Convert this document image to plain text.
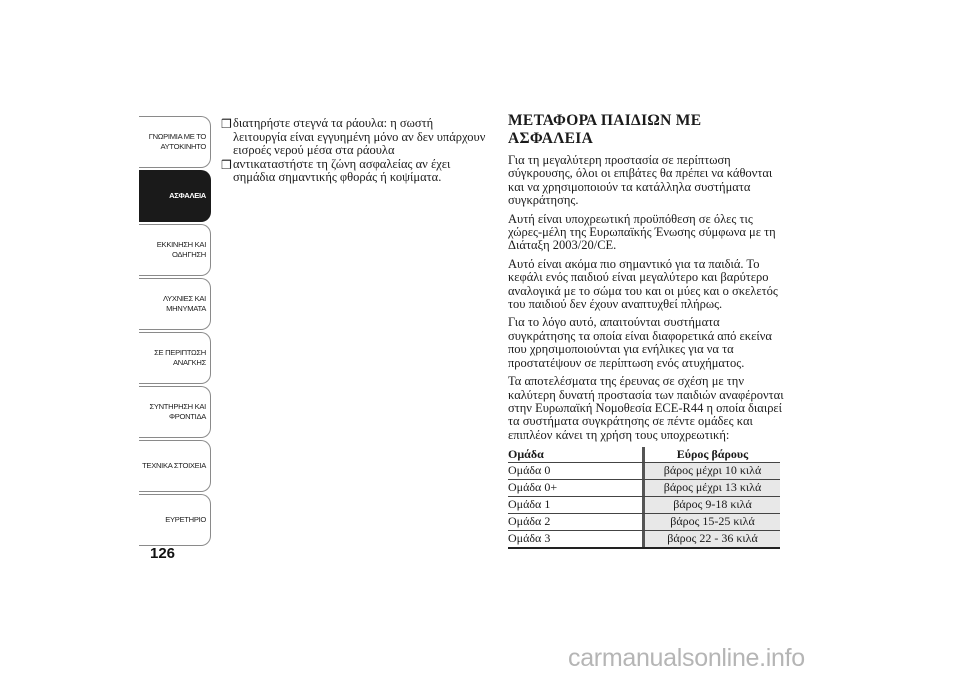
ΓΝΩΡΙΜΙΑ ΜΕ ΤΟ
ΑΥΤΟΚΙΝΗΤΟ
ΑΣΦΑΛΕΙΑ
ΕΚΚΙΝΗΣΗ ΚΑΙ
ΟΔΗΓΗΣΗ
ΛΥΧΝΙΕΣ ΚΑΙ
ΜΗΝΥΜΑΤΑ
ΣΕ ΠΕΡΙΠΤΩΣΗ
ΑΝΑΓΚΗΣ
ΣΥΝΤΗΡΗΣΗ ΚΑΙ
ΦΡΟΝΤΙΔΑ
ΤΕΧΝΙΚΑ ΣΤΟΙΧΕΙΑ
ΕΥΡΕΤΗΡΙΟ
126
❒ διατηρήστε στεγνά τα ράουλα: η σωστή λειτουργία είναι εγγυημένη μόνο αν δεν υπάρχουν εισροές νερού μέσα στα ράουλα
❒ αντικαταστήστε τη ζώνη ασφαλείας αν έχει σημάδια σημαντικής φθοράς ή κοψίματα.
ΜΕΤΑΦΟΡΑ ΠΑΙΔΙΩΝ ΜΕ ΑΣΦΑΛΕΙΑ

Για τη μεγαλύτερη προστασία σε περίπτωση σύγκρουσης, όλοι οι επιβάτες θα πρέπει να κάθονται και να χρησιμοποιούν τα κατάλληλα συστήματα συγκράτησης.

Αυτή είναι υποχρεωτική προϋπόθεση σε όλες τις χώρες-μέλη της Ευρωπαϊκής Ένωσης σύμφωνα με τη Διάταξη 2003/20/CE.

Αυτό είναι ακόμα πιο σημαντικό για τα παιδιά. Το κεφάλι ενός παιδιού είναι μεγαλύτερο και βαρύτερο αναλογικά με το σώμα του και οι μύες και ο σκελετός του παιδιού δεν έχουν αναπτυχθεί πλήρως.

Για το λόγο αυτό, απαιτούνται συστήματα συγκράτησης τα οποία είναι διαφορετικά από εκείνα που χρησιμοποιούνται για ενήλικες για να τα προστατέψουν σε περίπτωση ενός ατυχήματος.

Τα αποτελέσματα της έρευνας σε σχέση με την καλύτερη δυνατή προστασία των παιδιών αναφέρονται στην Ευρωπαϊκή Νομοθεσία ECE-R44 η οποία διαιρεί τα συστήματα συγκράτησης σε πέντε ομάδες και επιπλέον κάνει τη χρήση τους υποχρεωτική:

Ομάδα		Εύρος βάρους
Ομάδα 0		βάρος μέχρι 10 κιλά
Ομάδα 0+		βάρος μέχρι 13 κιλά
Ομάδα 1		βάρος 9-18 κιλά
Ομάδα 2		βάρος 15-25 κιλά
Ομάδα 3		βάρος 22 - 36 κιλά
carmanualsonline.info
